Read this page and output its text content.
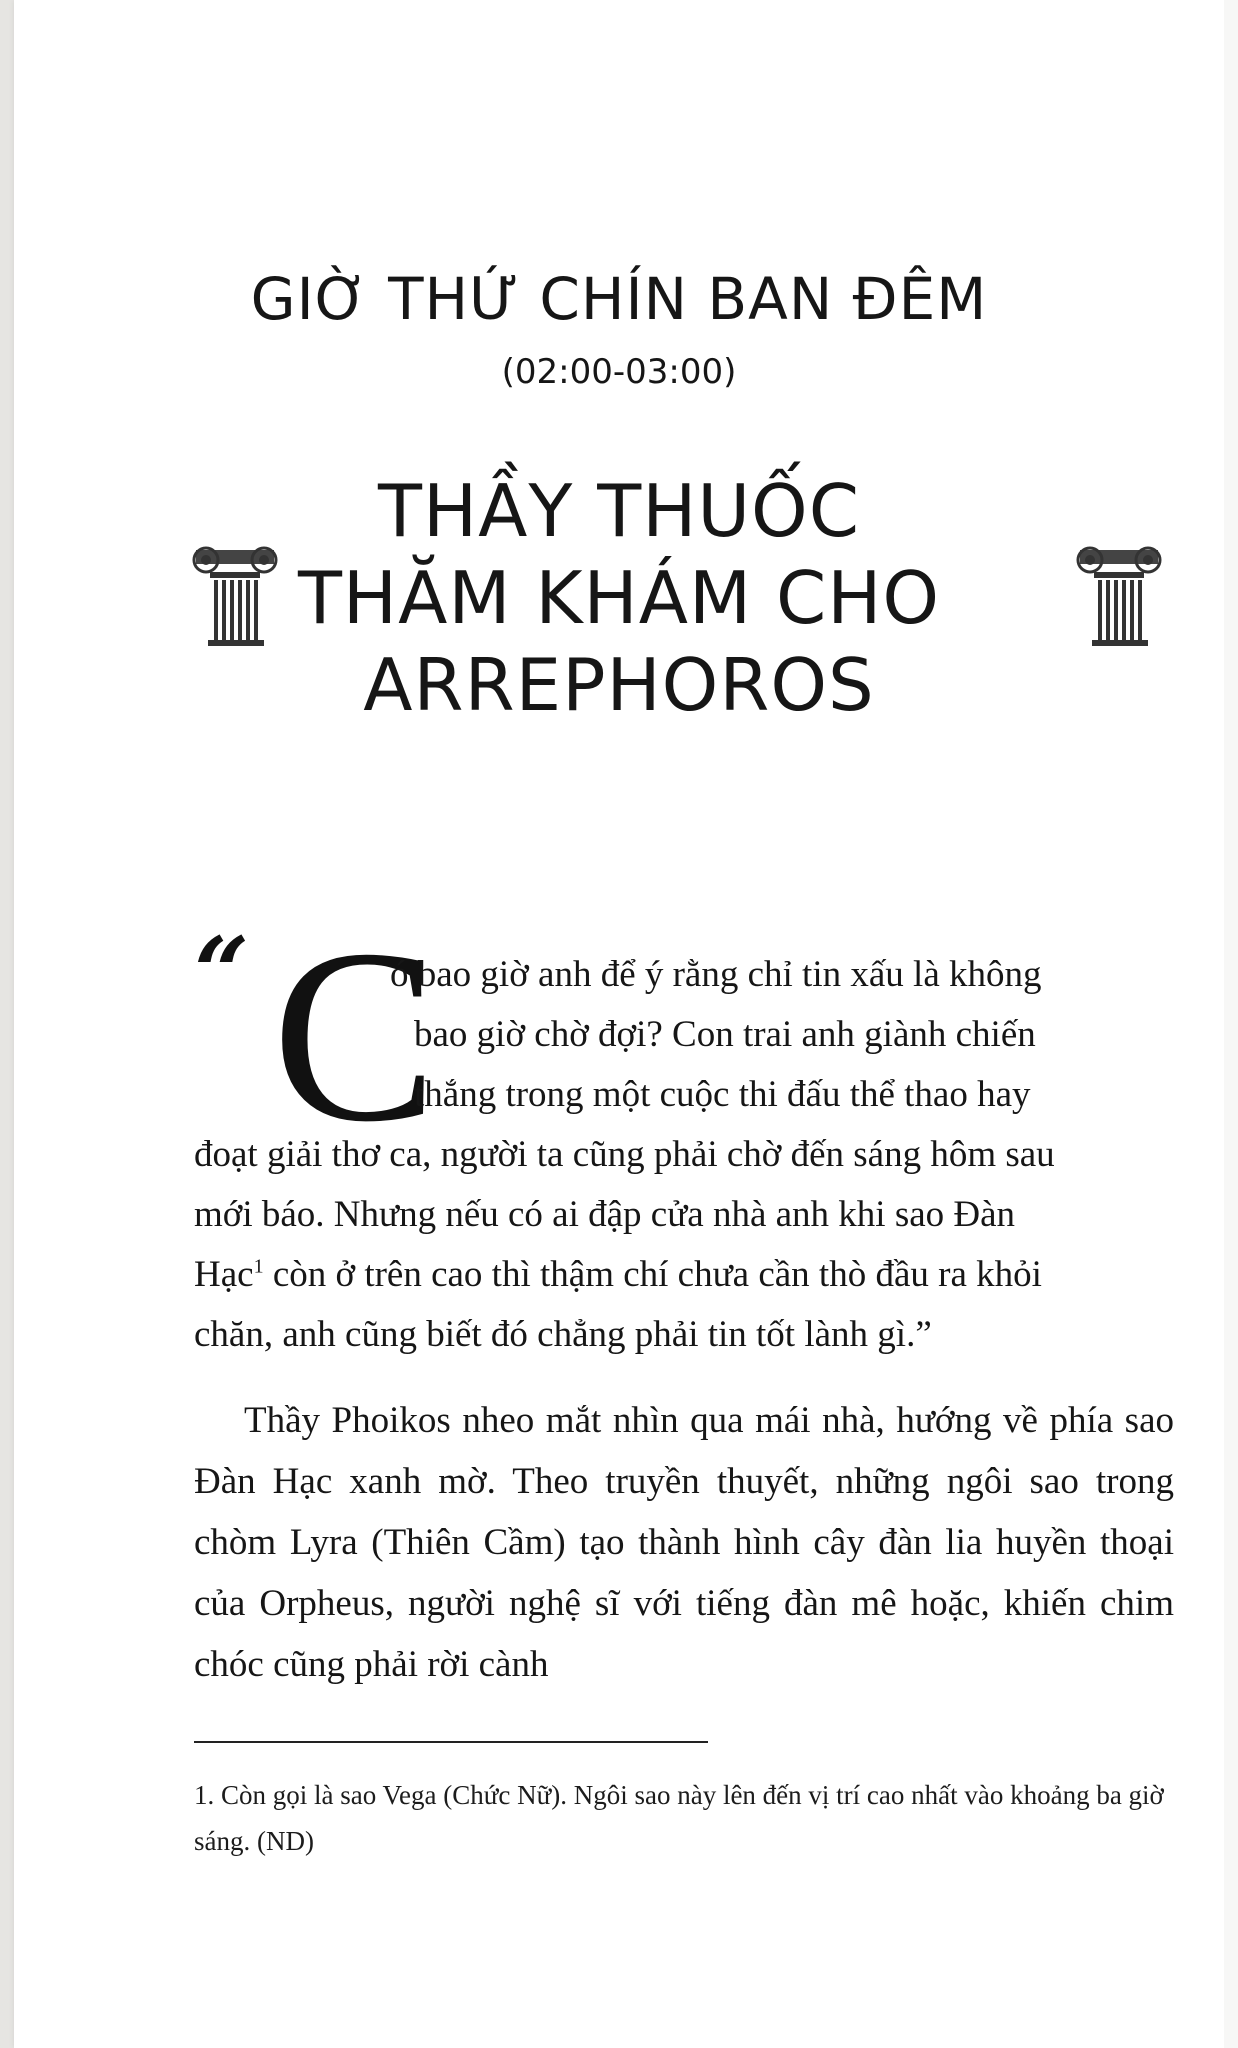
GIỜ THỨ CHÍN BAN ĐÊM
(02:00-03:00)
THẦY THUỐC
THĂM KHÁM CHO
ARREPHOROS
“ C
ó bao giờ anh để ý rằng chỉ tin xấu là không
bao giờ chờ đợi? Con trai anh giành chiến
thắng trong một cuộc thi đấu thể thao hay
đoạt giải thơ ca, người ta cũng phải chờ đến sáng hôm sau
mới báo. Nhưng nếu có ai đập cửa nhà anh khi sao Đàn
Hạc$^1$ còn ở trên cao thì thậm chí chưa cần thò đầu ra khỏi
chăn, anh cũng biết đó chẳng phải tin tốt lành gì.”
Thầy Phoikos nheo mắt nhìn qua mái nhà, hướng về phía sao Đàn Hạc xanh mờ. Theo truyền thuyết, những ngôi sao trong chòm Lyra (Thiên Cầm) tạo thành hình cây đàn lia huyền thoại của Orpheus, người nghệ sĩ với tiếng đàn mê hoặc, khiến chim chóc cũng phải rời cành
1. Còn gọi là sao Vega (Chức Nữ). Ngôi sao này lên đến vị trí cao nhất vào khoảng ba giờ sáng. (ND)
